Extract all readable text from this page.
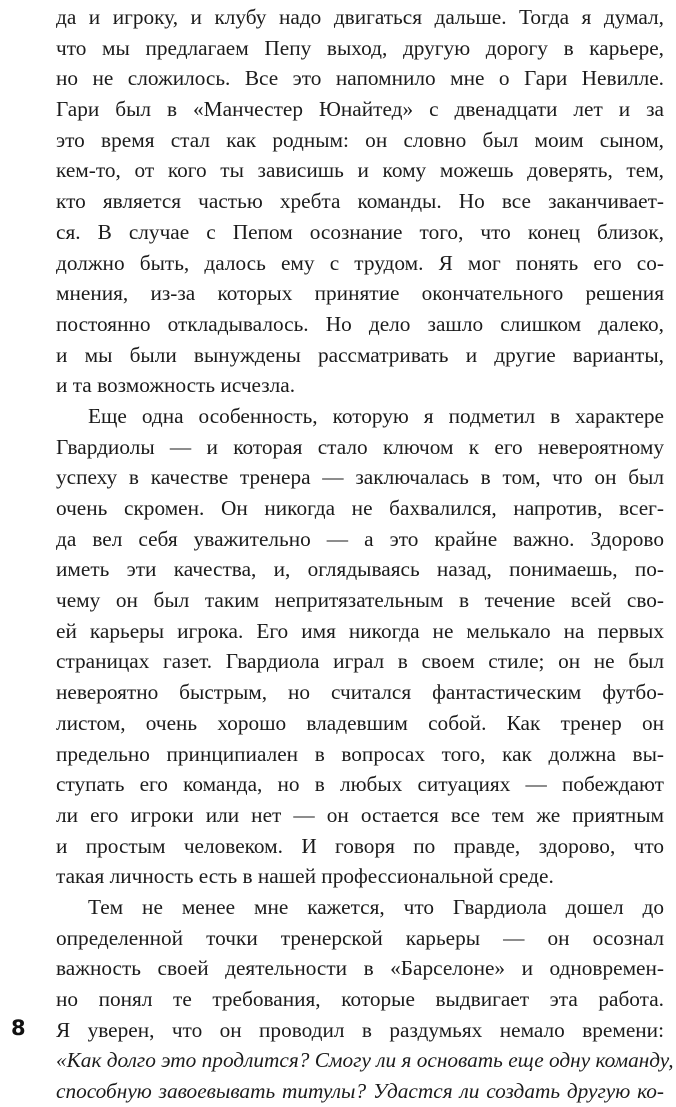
да и игроку, и клубу надо двигаться дальше. Тогда я думал,
что мы предлагаем Пепу выход, другую дорогу в карьере,
но не сложилось. Все это напомнило мне о Гари Невилле.
Гари был в «Манчестер Юнайтед» с двенадцати лет и за
это время стал как родным: он словно был моим сыном,
кем-то, от кого ты зависишь и кому можешь доверять, тем,
кто является частью хребта команды. Но все заканчивает-
ся. В случае с Пепом осознание того, что конец близок,
должно быть, далось ему с трудом. Я мог понять его со-
мнения, из-за которых принятие окончательного решения
постоянно откладывалось. Но дело зашло слишком далеко,
и мы были вынуждены рассматривать и другие варианты,
и та возможность исчезла.
Еще одна особенность, которую я подметил в характере
Гвардиолы — и которая стало ключом к его невероятному
успеху в качестве тренера — заключалась в том, что он был
очень скромен. Он никогда не бахвалился, напротив, всег-
да вел себя уважительно — а это крайне важно. Здорово
иметь эти качества, и, оглядываясь назад, понимаешь, по-
чему он был таким непритязательным в течение всей сво-
ей карьеры игрока. Его имя никогда не мелькало на первых
страницах газет. Гвардиола играл в своем стиле; он не был
невероятно быстрым, но считался фантастическим футбо-
листом, очень хорошо владевшим собой. Как тренер он
предельно принципиален в вопросах того, как должна вы-
ступать его команда, но в любых ситуациях — побеждают
ли его игроки или нет — он остается все тем же приятным
и простым человеком. И говоря по правде, здорово, что
такая личность есть в нашей профессиональной среде.
Тем не менее мне кажется, что Гвардиола дошел до
определенной точки тренерской карьеры — он осознал
важность своей деятельности в «Барселоне» и одновремен-
но понял те требования, которые выдвигает эта работа.
Я уверен, что он проводил в раздумьях немало времени:
«Как долго это продлится? Смогу ли я основать еще одну команду,
способную завоевывать титулы? Удастся ли создать другую ко-
8
